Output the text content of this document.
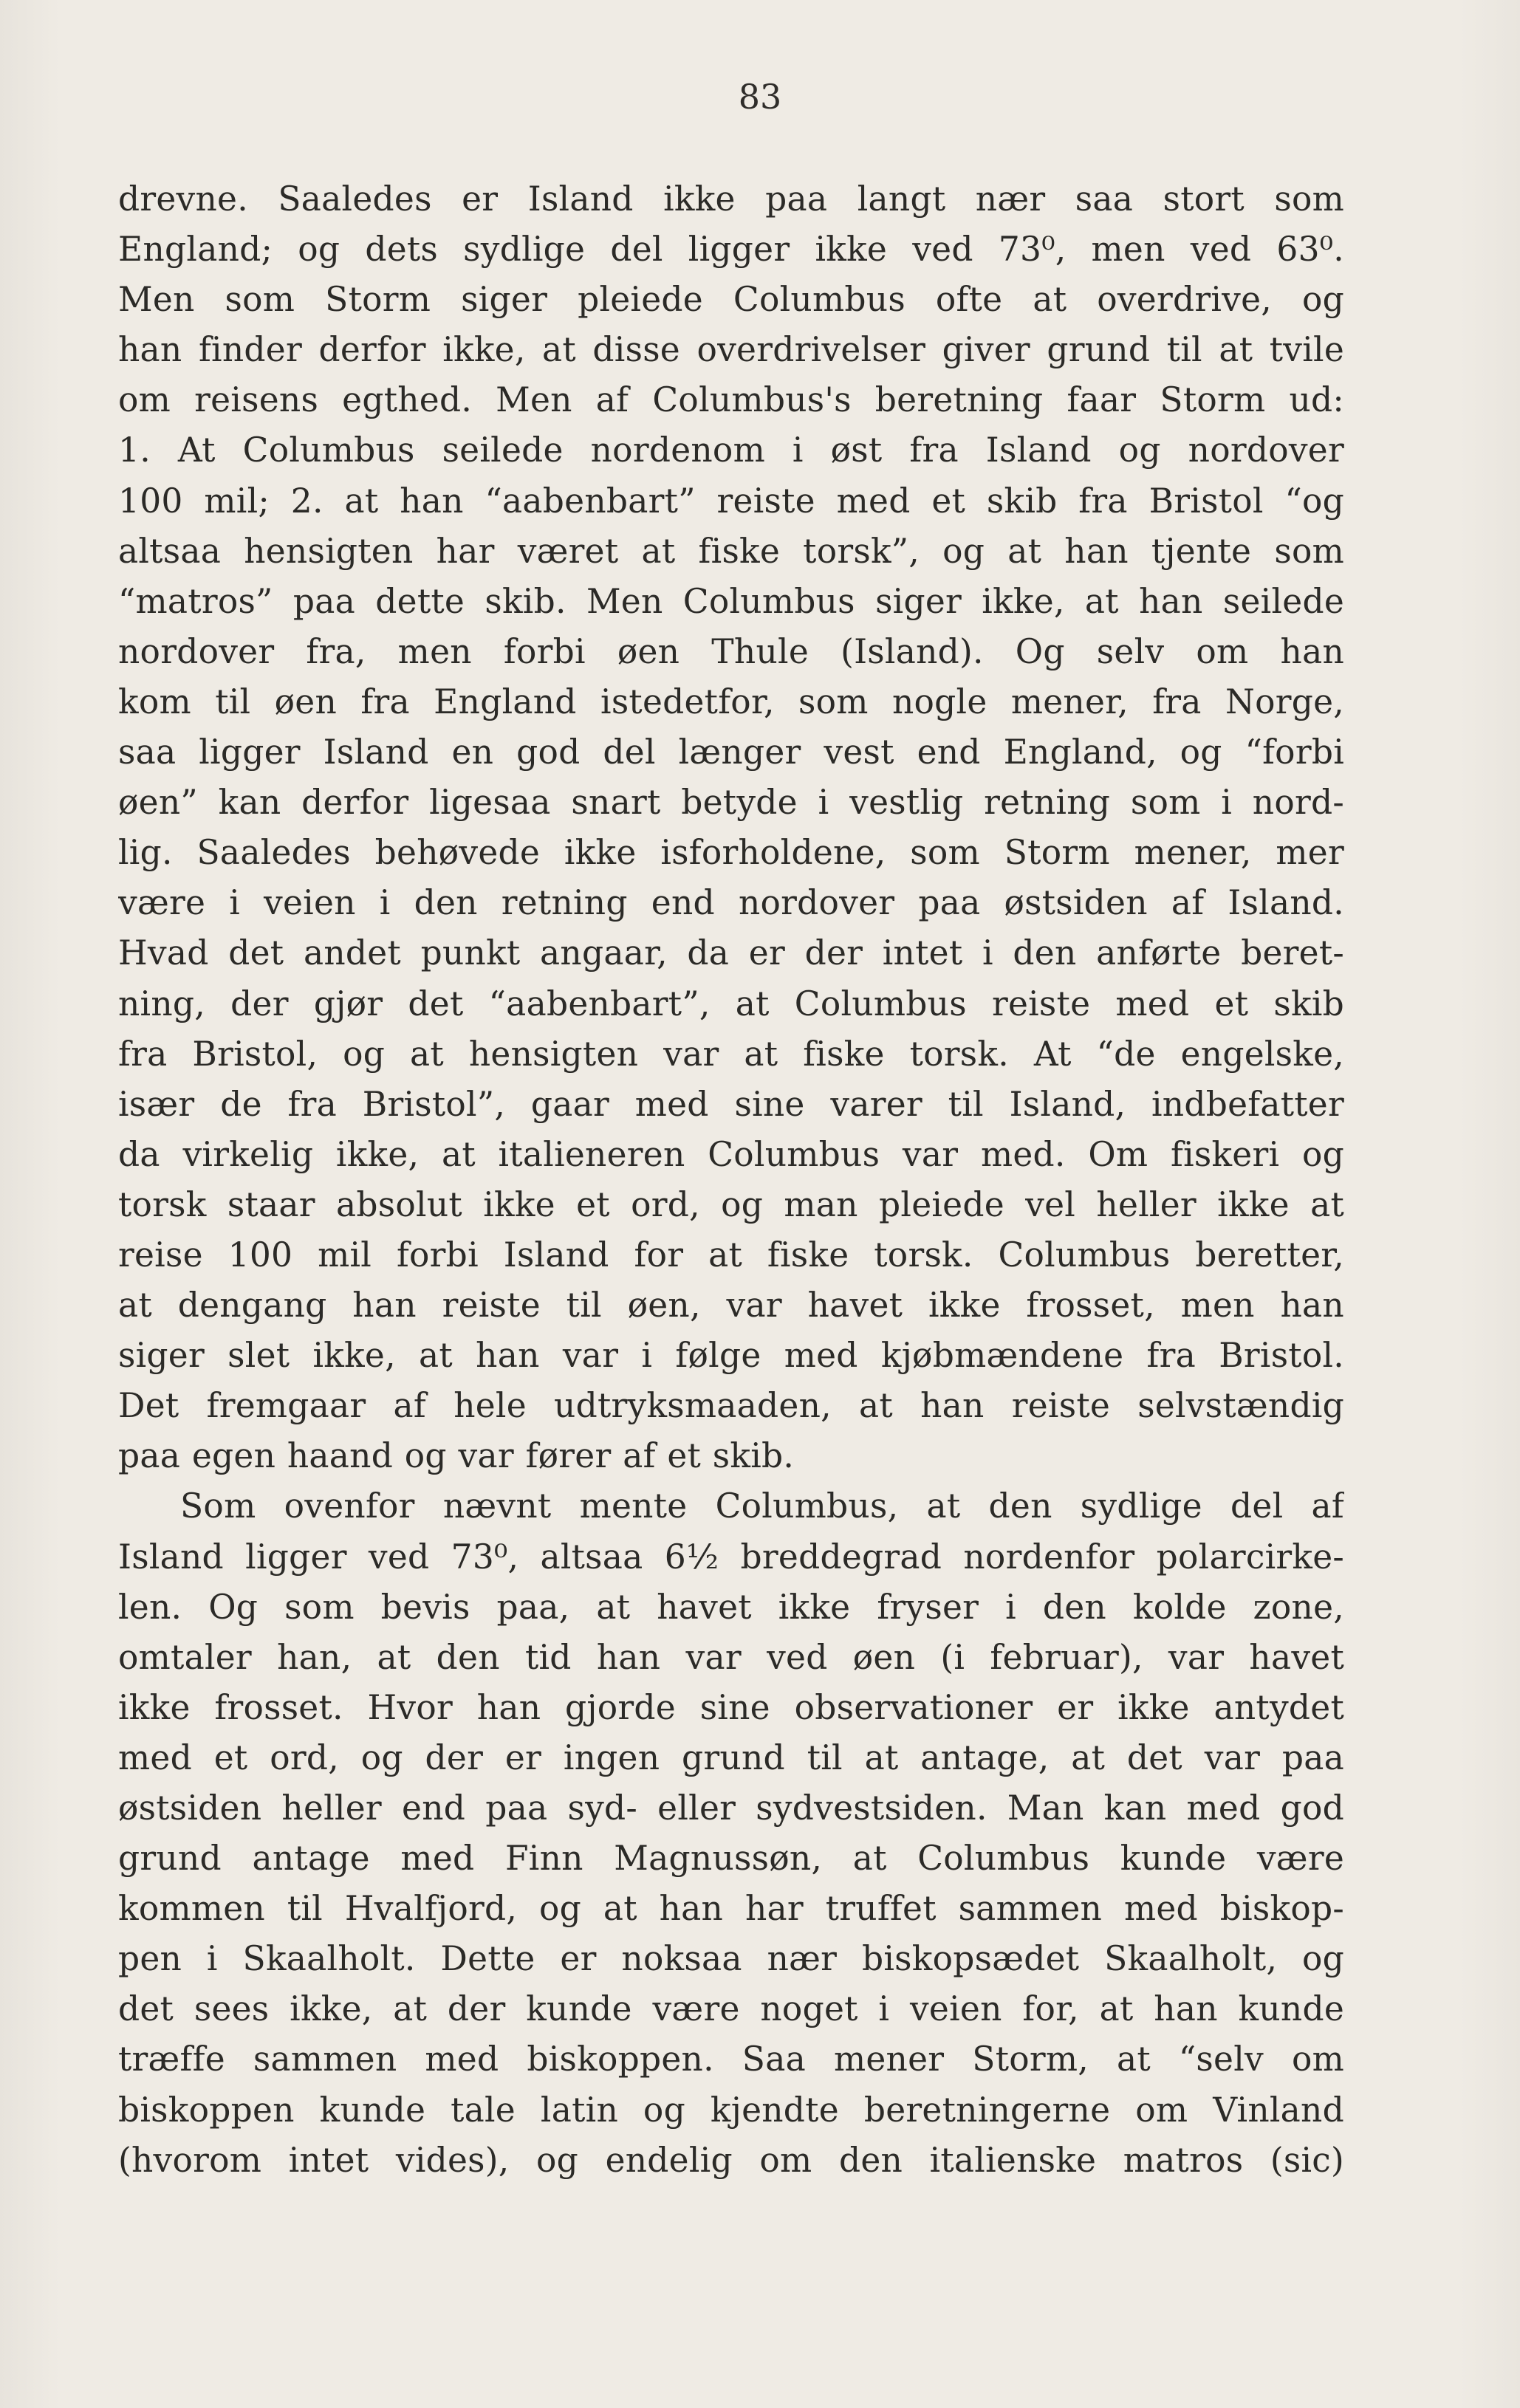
83
drevne. Saaledes er Island ikke paa langt nær saa stort som
England; og dets sydlige del ligger ikke ved 73⁰, men ved 63⁰.
Men som Storm siger pleiede Columbus ofte at overdrive, og
han finder derfor ikke, at disse overdrivelser giver grund til at tvile
om reisens egthed. Men af Columbus's beretning faar Storm ud:
1. At Columbus seilede nordenom i øst fra Island og nordover
100 mil; 2. at han “aabenbart” reiste med et skib fra Bristol “og
altsaa hensigten har været at fiske torsk”, og at han tjente som
“matros” paa dette skib. Men Columbus siger ikke, at han seilede
nordover fra, men forbi øen Thule (Island). Og selv om han
kom til øen fra England istedetfor, som nogle mener, fra Norge,
saa ligger Island en god del længer vest end England, og “forbi
øen” kan derfor ligesaa snart betyde i vestlig retning som i nord-
lig. Saaledes behøvede ikke isforholdene, som Storm mener, mer
være i veien i den retning end nordover paa østsiden af Island.
Hvad det andet punkt angaar, da er der intet i den anførte beret-
ning, der gjør det “aabenbart”, at Columbus reiste med et skib
fra Bristol, og at hensigten var at fiske torsk. At “de engelske,
især de fra Bristol”, gaar med sine varer til Island, indbefatter
da virkelig ikke, at italieneren Columbus var med. Om fiskeri og
torsk staar absolut ikke et ord, og man pleiede vel heller ikke at
reise 100 mil forbi Island for at fiske torsk. Columbus beretter,
at dengang han reiste til øen, var havet ikke frosset, men han
siger slet ikke, at han var i følge med kjøbmændene fra Bristol.
Det fremgaar af hele udtryksmaaden, at han reiste selvstændig
paa egen haand og var fører af et skib.
Som ovenfor nævnt mente Columbus, at den sydlige del af
Island ligger ved 73⁰, altsaa 6½ breddegrad nordenfor polarcirke-
len. Og som bevis paa, at havet ikke fryser i den kolde zone,
omtaler han, at den tid han var ved øen (i februar), var havet
ikke frosset. Hvor han gjorde sine observationer er ikke antydet
med et ord, og der er ingen grund til at antage, at det var paa
østsiden heller end paa syd- eller sydvestsiden. Man kan med god
grund antage med Finn Magnussøn, at Columbus kunde være
kommen til Hvalfjord, og at han har truffet sammen med biskop-
pen i Skaalholt. Dette er noksaa nær biskopsædet Skaalholt, og
det sees ikke, at der kunde være noget i veien for, at han kunde
træffe sammen med biskoppen. Saa mener Storm, at “selv om
biskoppen kunde tale latin og kjendte beretningerne om Vinland
(hvorom intet vides), og endelig om den italienske matros (sic)
